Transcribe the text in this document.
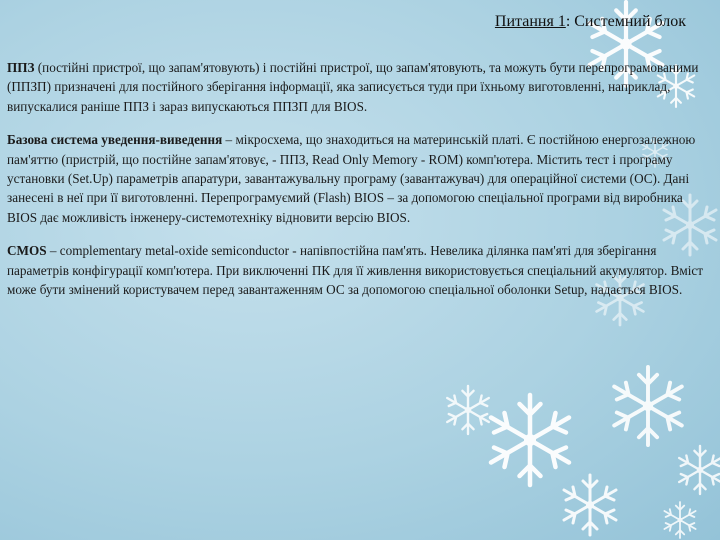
Питання 1: Системний блок

ППЗ (постійні пристрої, що запам'ятовують) і постійні пристрої, що запам'ятовують, та можуть бути перепрограмованими (ППЗП) призначені для постійного зберігання інформації, яка записується туди при їхньому виготовленні, наприклад, випускалися раніше ППЗ і зараз випускаються ППЗП для BIOS.

Базова система уведення-виведення – мікросхема, що знаходиться на материнській платі. Є постійною енергозалежною пам'яттю (пристрій, що постійне запам'ятовує, - ППЗ, Read Only Memory - ROM) комп'ютера. Містить тест і програму установки (Set.Up) параметрів апаратури, завантажувальну програму (завантажувач) для операційної системи (ОС). Дані занесені в неї при її виготовленні. Перепрограмуємий (Flash) BIOS – за допомогою спеціальної програми від виробника BIOS дає можливість інженеру-системотехніку відновити версію BIOS.

CMOS – complementary metal-oxide semiconductor - напівпостійна пам'ять. Невелика ділянка пам'яті для зберігання параметрів конфігурації комп'ютера. При виключенні ПК для її живлення використовується спеціальний акумулятор. Вміст може бути змінений користувачем перед завантаженням ОС за допомогою спеціальної оболонки Setup, надається BIOS.
